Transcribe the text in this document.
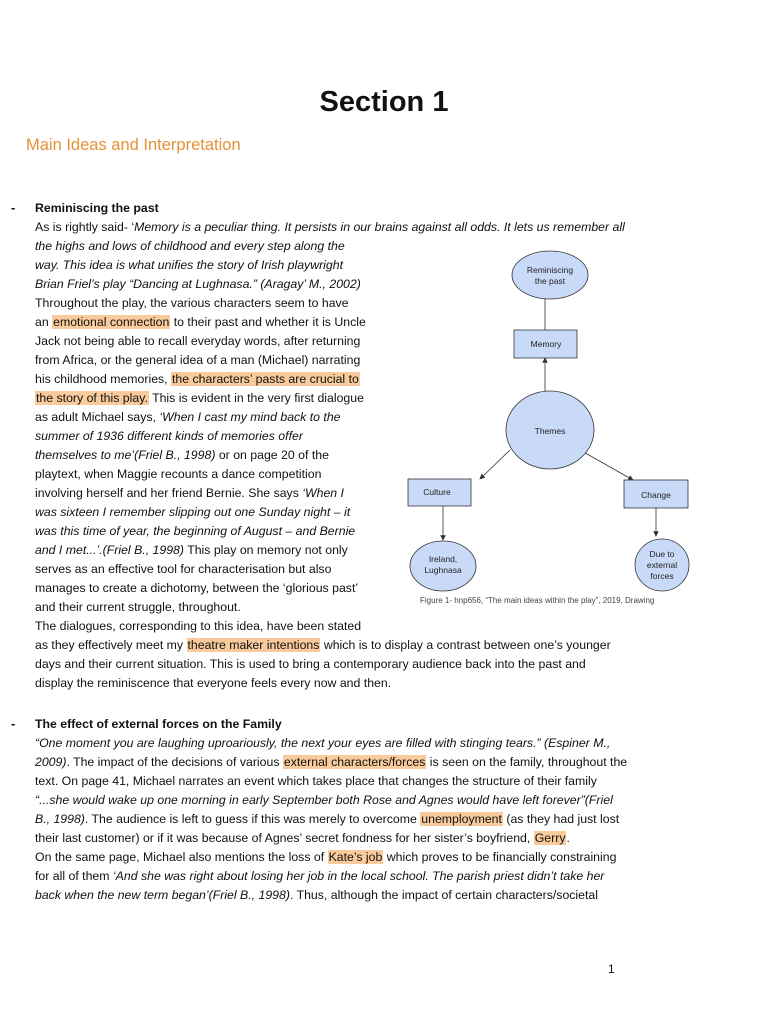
Section 1
Main Ideas and Interpretation
- Reminiscing the past
As is rightly said- ‘Memory is a peculiar thing. It persists in our brains against all odds. It lets us remember all
the highs and lows of childhood and every step along the
way. This idea is what unifies the story of Irish playwright
Brian Friel’s play “Dancing at Lughnasa.” (Aragay’ M., 2002)
Throughout the play, the various characters seem to have
an emotional connection to their past and whether it is Uncle
Jack not being able to recall everyday words, after returning
from Africa, or the general idea of a man (Michael) narrating
his childhood memories, the characters’ pasts are crucial to
the story of this play. This is evident in the very first dialogue
as adult Michael says, ‘When I cast my mind back to the
summer of 1936 different kinds of memories offer
themselves to me’(Friel B., 1998) or on page 20 of the
playtext, when Maggie recounts a dance competition
involving herself and her friend Bernie. She says ‘When I
was sixteen I remember slipping out one Sunday night – it
was this time of year, the beginning of August – and Bernie
and I met...’.(Friel B., 1998) This play on memory not only
serves as an effective tool for characterisation but also
manages to create a dichotomy, between the ‘glorious past’
and their current struggle, throughout.
The dialogues, corresponding to this idea, have been stated
as they effectively meet my theatre maker intentions which is to display a contrast between one’s younger
days and their current situation. This is used to bring a contemporary audience back into the past and
display the reminiscence that everyone feels every now and then.
- The effect of external forces on the Family
“One moment you are laughing uproariously, the next your eyes are filled with stinging tears.” (Espiner M.,
2009). The impact of the decisions of various external characters/forces is seen on the family, throughout the
text. On page 41, Michael narrates an event which takes place that changes the structure of their family
“...she would wake up one morning in early September both Rose and Agnes would have left forever”(Friel
B., 1998). The audience is left to guess if this was merely to overcome unemployment (as they had just lost
their last customer) or if it was because of Agnes’ secret fondness for her sister’s boyfriend, Gerry.
On the same page, Michael also mentions the loss of Kate’s job which proves to be financially constraining
for all of them ‘And she was right about losing her job in the local school. The parish priest didn’t take her
back when the new term began’(Friel B., 1998). Thus, although the impact of certain characters/societal
Reminiscing
the past
Memory
Themes
Culture	Change
Ireland,
Lughnasa
Due to
external
forces
Figure 1- hnp656, “The main ideas within the play”, 2019, Drawing
1
